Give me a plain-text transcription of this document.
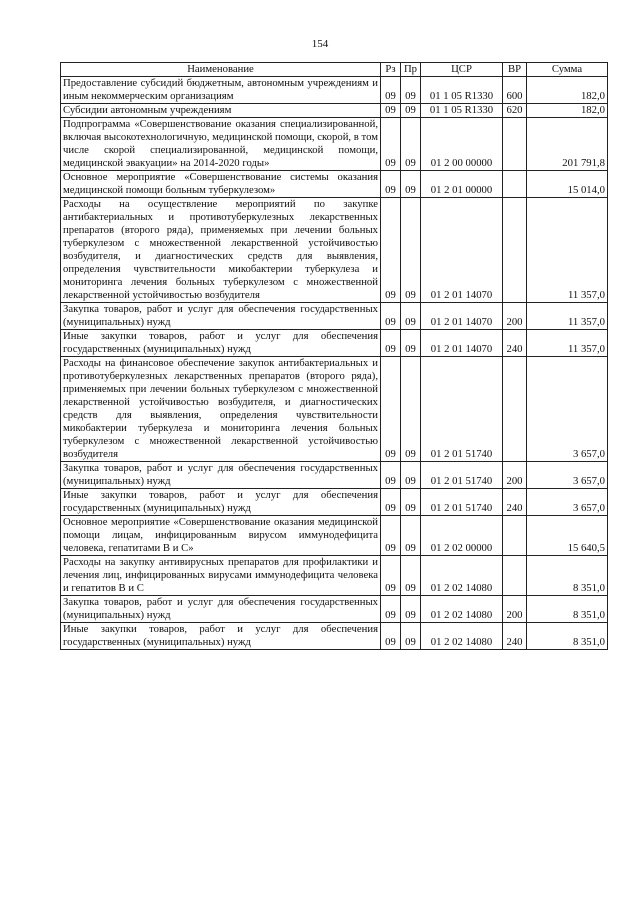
154
Наименование	Рз	Пр	ЦСР	ВР	Сумма
Предоставление субсидий бюджетным, автономным учреждениям и иным некоммерческим организациям	09	09	01 1 05 R1330	600	182,0
Субсидии автономным учреждениям	09	09	01 1 05 R1330	620	182,0
Подпрограмма «Совершенствование оказания специализированной, включая высокотехнологичную, медицинской помощи, скорой, в том числе скорой специализированной, медицинской помощи, медицинской эвакуации» на 2014-2020 годы»	09	09	01 2 00 00000		201 791,8
Основное мероприятие «Совершенствование системы оказания медицинской помощи больным туберкулезом»	09	09	01 2 01 00000		15 014,0
Расходы на осуществление мероприятий по закупке антибактериальных и противотуберкулезных лекарственных препаратов (второго ряда), применяемых при лечении больных туберкулезом с множественной лекарственной устойчивостью возбудителя, и диагностических средств для выявления, определения чувствительности микобактерии туберкулеза и мониторинга лечения больных туберкулезом с множественной лекарственной устойчивостью возбудителя	09	09	01 2 01 14070		11 357,0
Закупка товаров, работ и услуг для обеспечения государственных (муниципальных) нужд	09	09	01 2 01 14070	200	11 357,0
Иные закупки товаров, работ и услуг для обеспечения государственных (муниципальных) нужд	09	09	01 2 01 14070	240	11 357,0
Расходы на финансовое обеспечение закупок антибактериальных и противотуберкулезных лекарственных препаратов (второго ряда), применяемых при лечении больных туберкулезом с множественной лекарственной устойчивостью возбудителя, и диагностических средств для выявления, определения чувствительности микобактерии туберкулеза и мониторинга лечения больных туберкулезом с множественной лекарственной устойчивостью возбудителя	09	09	01 2 01 51740		3 657,0
Закупка товаров, работ и услуг для обеспечения государственных (муниципальных) нужд	09	09	01 2 01 51740	200	3 657,0
Иные закупки товаров, работ и услуг для обеспечения государственных (муниципальных) нужд	09	09	01 2 01 51740	240	3 657,0
Основное мероприятие «Совершенствование оказания медицинской помощи лицам, инфицированным вирусом иммунодефицита человека, гепатитами B и C»	09	09	01 2 02 00000		15 640,5
Расходы на закупку антивирусных препаратов для профилактики и лечения лиц, инфицированных вирусами иммунодефицита человека и гепатитов B и C	09	09	01 2 02 14080		8 351,0
Закупка товаров, работ и услуг для обеспечения государственных (муниципальных) нужд	09	09	01 2 02 14080	200	8 351,0
Иные закупки товаров, работ и услуг для обеспечения государственных (муниципальных) нужд	09	09	01 2 02 14080	240	8 351,0
